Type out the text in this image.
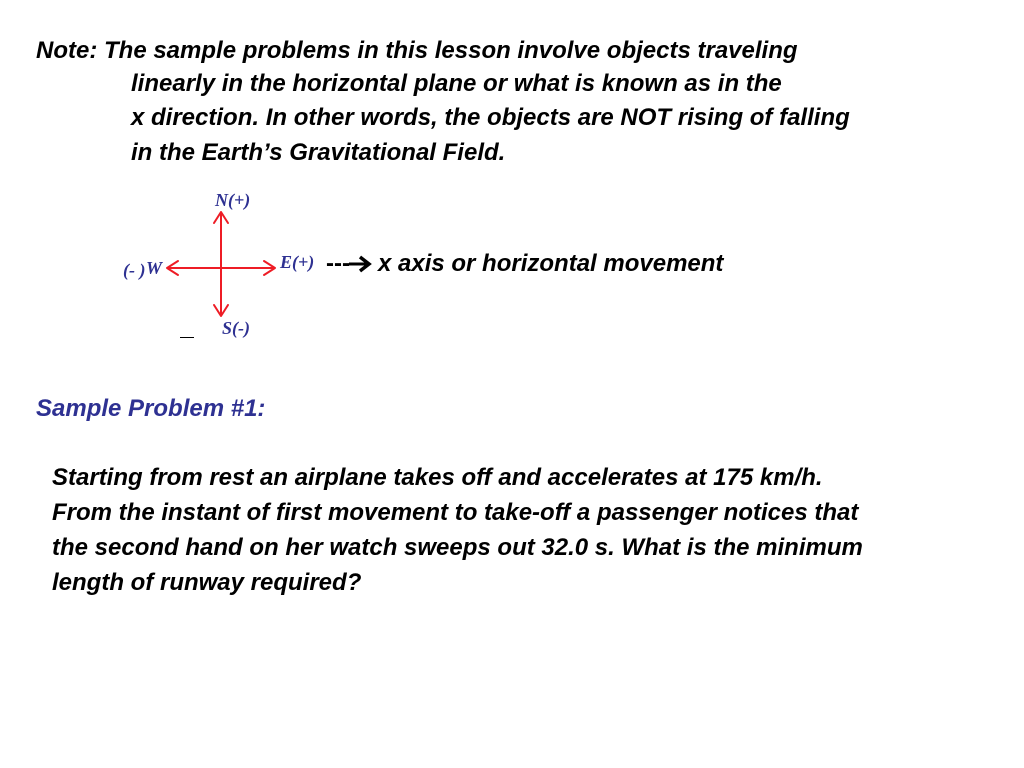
Note: The sample problems in this lesson involve objects traveling

linearly in the horizontal plane or what is known as in the

x direction. In other words, the objects are NOT rising of falling

in the Earth’s Gravitational Field.

N(+)
E(+)
(- ) W
S(-)

--- x axis or horizontal movement

Sample Problem #1:

Starting from rest an airplane takes off and accelerates at 175 km/h.
From the instant of first movement to take-off a passenger notices that
the second hand on her watch sweeps out 32.0 s. What is the minimum
length of runway required?
